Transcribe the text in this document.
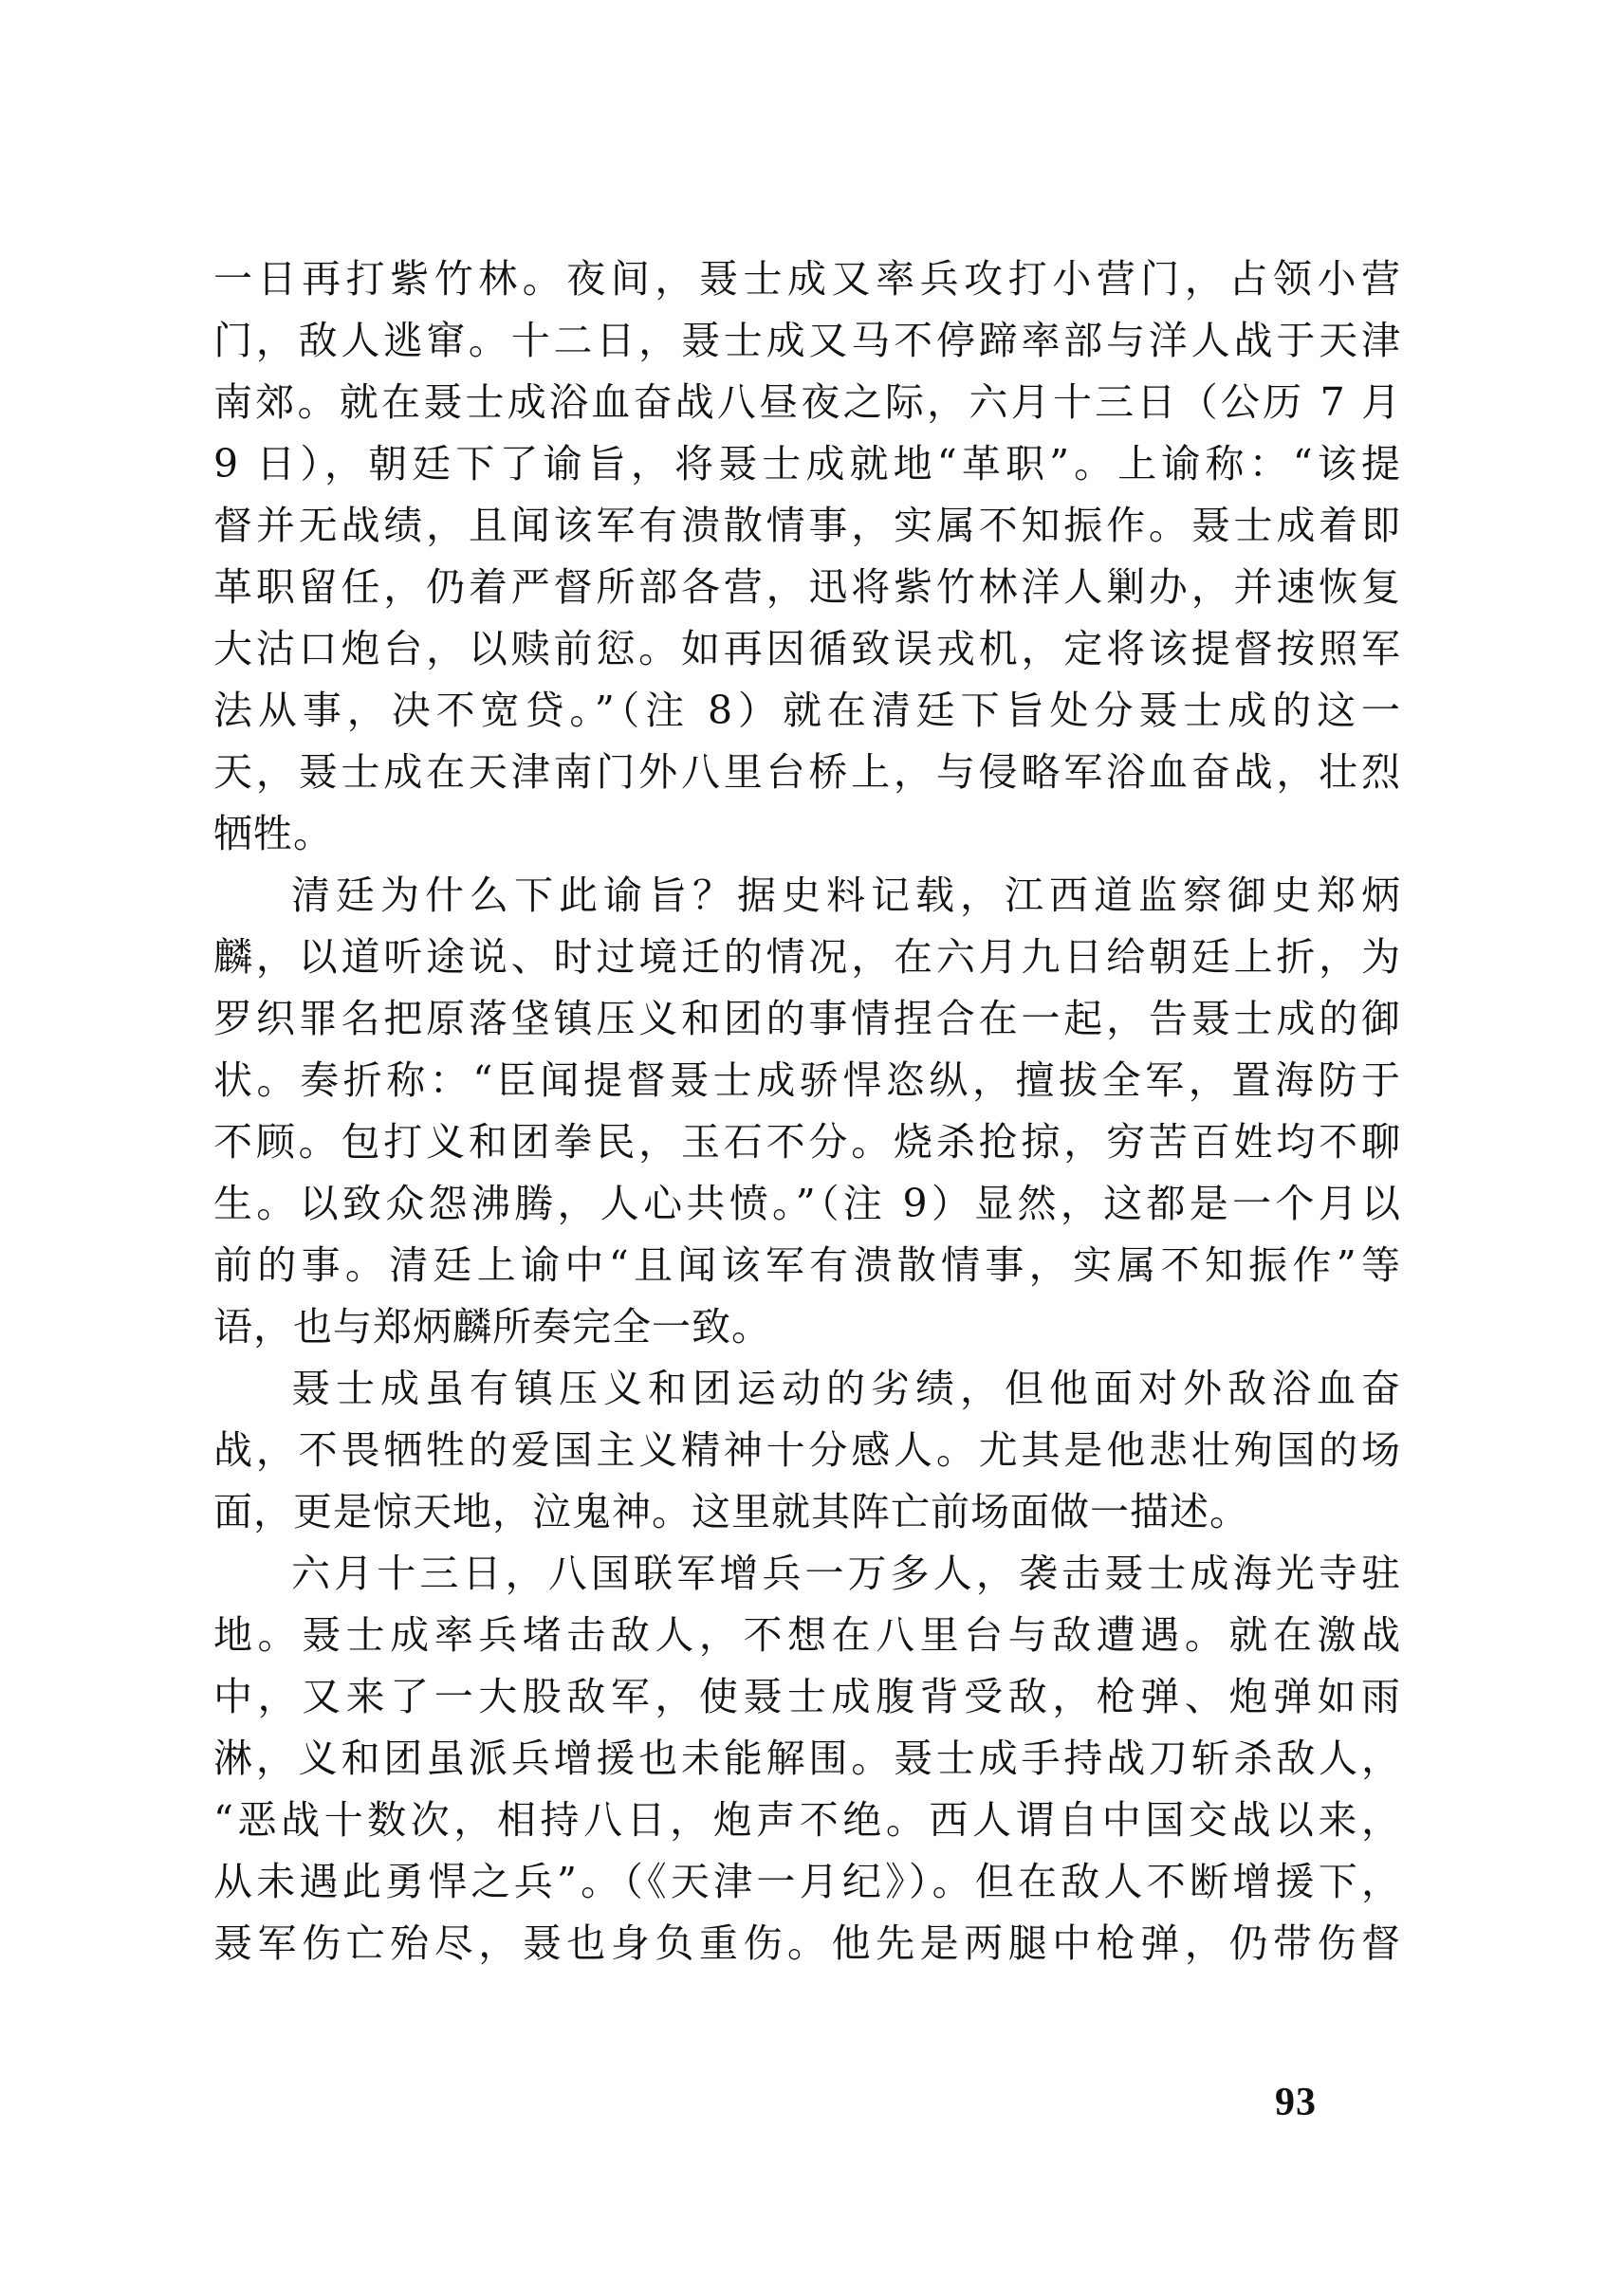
一日再打紫竹林。夜间，聂士成又率兵攻打小营门，占领小营
门，敌人逃窜。十二日，聂士成又马不停蹄率部与洋人战于天津
南郊。就在聂士成浴血奋战八昼夜之际，六月十三日（公历 7 月
9 日），朝廷下了谕旨，将聂士成就地“革职”。上谕称：“该提
督并无战绩，且闻该军有溃散情事，实属不知振作。聂士成着即
革职留任，仍着严督所部各营，迅将紫竹林洋人剿办，并速恢复
大沽口炮台，以赎前愆。如再因循致误戎机，定将该提督按照军
法从事，决不宽贷。”（注 8）就在清廷下旨处分聂士成的这一
天，聂士成在天津南门外八里台桥上，与侵略军浴血奋战，壮烈
牺牲。
清廷为什么下此谕旨？据史料记载，江西道监察御史郑炳
麟，以道听途说、时过境迁的情况，在六月九日给朝廷上折，为
罗织罪名把原落垡镇压义和团的事情捏合在一起，告聂士成的御
状。奏折称：“臣闻提督聂士成骄悍恣纵，擅拔全军，置海防于
不顾。包打义和团拳民，玉石不分。烧杀抢掠，穷苦百姓均不聊
生。以致众怨沸腾，人心共愤。”（注 9）显然，这都是一个月以
前的事。清廷上谕中“且闻该军有溃散情事，实属不知振作”等
语，也与郑炳麟所奏完全一致。
聂士成虽有镇压义和团运动的劣绩，但他面对外敌浴血奋
战，不畏牺牲的爱国主义精神十分感人。尤其是他悲壮殉国的场
面，更是惊天地，泣鬼神。这里就其阵亡前场面做一描述。
六月十三日，八国联军增兵一万多人，袭击聂士成海光寺驻
地。聂士成率兵堵击敌人，不想在八里台与敌遭遇。就在激战
中，又来了一大股敌军，使聂士成腹背受敌，枪弹、炮弹如雨
淋，义和团虽派兵增援也未能解围。聂士成手持战刀斩杀敌人，
“恶战十数次，相持八日，炮声不绝。西人谓自中国交战以来，
从未遇此勇悍之兵”。（《天津一月纪》）。但在敌人不断增援下，
聂军伤亡殆尽，聂也身负重伤。他先是两腿中枪弹，仍带伤督
93
